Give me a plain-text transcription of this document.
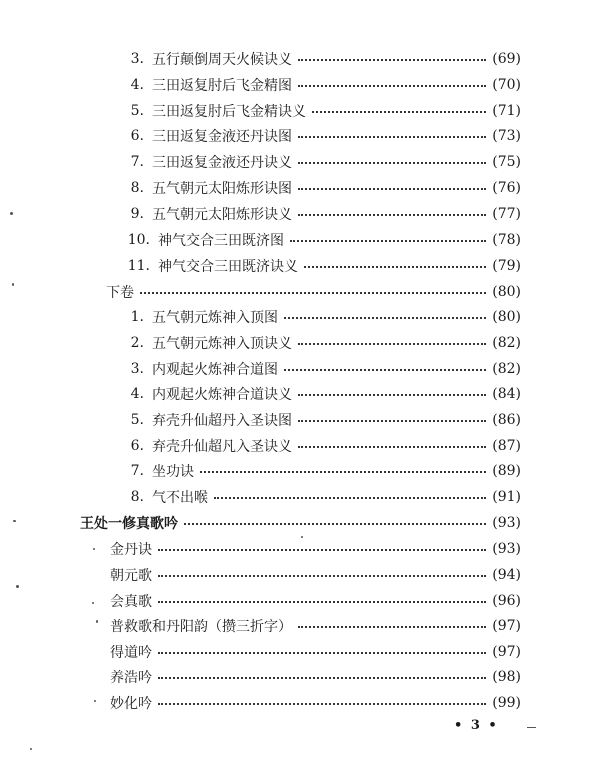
3. 五行颠倒周天火候诀义	(69)
4. 三田返复肘后飞金精图	(70)
5. 三田返复肘后飞金精诀义	(71)
6. 三田返复金液还丹诀图	(73)
7. 三田返复金液还丹诀义	(75)
8. 五气朝元太阳炼形诀图	(76)
9. 五气朝元太阳炼形诀义	(77)
10. 神气交合三田既济图	(78)
11. 神气交合三田既济诀义	(79)
下卷	(80)
1. 五气朝元炼神入顶图	(80)
2. 五气朝元炼神入顶诀义	(82)
3. 内观起火炼神合道图	(82)
4. 内观起火炼神合道诀义	(84)
5. 弃壳升仙超丹入圣诀图	(86)
6. 弃壳升仙超凡入圣诀义	(87)
7. 坐功诀	(89)
8. 气不出喉	(91)
王处一修真歌吟	(93)
金丹诀	(93)
朝元歌	(94)
会真歌	(96)
普救歌和丹阳韵（攒三折字）	(97)
得道吟	(97)
养浩吟	(98)
妙化吟	(99)
• 3 •
